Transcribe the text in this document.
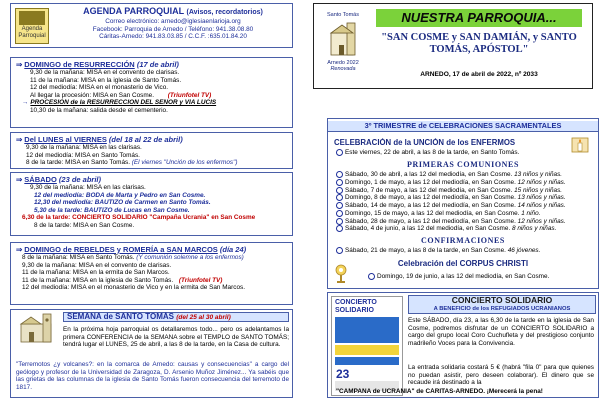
Agenda
Parroquial
AGENDA PARROQUIAL (Avisos, recordatorios)
Correo electrónico: arnedo@iglesiaenlarioja.org
Facebook: Parroquia de Arnedo / Teléfono: 941.38.08.80
Cáritas-Arnedo: 941.83.03.85 / C.C.F. :635.01.84.20
⇒ DOMINGO de RESURRECCIÓN (17 de abril)
9,30 de la mañana: MISA en el convento de clarisas.
11 de la mañana: MISA en la iglesia de Santo Tomás.
12 del mediodía: MISA en el monasterio de Vico.
Al llegar la procesión: MISA en San Cosme. (Triunfotel TV)
→ PROCESIÓN de la RESURRECCIÓN DEL SEÑOR y VIA LUCIS
10,30 de la mañana: salida desde el cementerio.
⇒ Del LUNES al VIERNES (del 18 al 22 de abril)
9,30 de la mañana: MISA en las clarisas.
12 del mediodía: MISA en Santo Tomás.
8 de la tarde: MISA en Santo Tomás. (El viernes "Unción de los enfermos")
⇒ SÁBADO (23 de abril)
9,30 de la mañana: MISA en las clarisas.
12 del mediodía: BODA de Marta y Pedro en San Cosme.
12,30 del mediodía: BAUTIZO de Carmen en Santo Tomás.
5,30 de la tarde: BAUTIZO de Lucas en San Cosme.
6,30 de la tarde: CONCIERTO SOLIDARIO "Campaña Ucrania" en San Cosme
8 de la tarde: MISA en San Cosme.
⇒ DOMINGO de REBELDES y ROMERÍA a SAN MARCOS (día 24)
8 de la mañana: MISA en Santo Tomás. (Y comunión solemne a los enfermos)
9,30 de la mañana: MISA en el convento de clarisas.
11 de la mañana: MISA en la ermita de San Marcos.
11 de la mañana: MISA en la iglesia de Santo Tomás. (Triunfotel TV)
12 del mediodía: MISA en el monasterio de Vico y en la ermita de San Marcos.
SEMANA de SANTO TOMÁS (del 25 al 30 abril)
En la próxima hoja parroquial os detallaremos todo... pero os adelantamos la primera CONFERENCIA de la SEMANA sobre el TEMPLO de SANTO TOMÁS; tendrá lugar el LUNES, 25 de abril, a las 8 de la tarde, en la Casa de cultura.
"Terremotos ¿y volcanes?: en la comarca de Arnedo: causas y consecuencias" a cargo del geólogo y profesor de la Universidad de Zaragoza, D. Arsenio Muñoz Jiménez... Ya sabéis que las grietas de las columnas de la iglesia de Santo Tomás fueron consecuencia del terremoto de 1817.
Santo Tomás
Arnedo 2022
Renovada
NUESTRA PARROQUIA...
"SAN COSME y SAN DAMIÁN, y SANTO TOMÁS, APÓSTOL"
ARNEDO, 17 de abril de 2022, nº 2033
3º TRIMESTRE de CELEBRACIONES SACRAMENTALES
CELEBRACIÓN de la UNCIÓN de los ENFERMOS
Este viernes, 22 de abril, a las 8 de la tarde, en Santo Tomás.
PRIMERAS COMUNIONES
Sábado, 30 de abril, a las 12 del mediodía, en San Cosme. 13 niños y niñas.
Domingo, 1 de mayo, a las 12 del mediodía, en San Cosme. 12 niños y niñas.
Sábado, 7 de mayo, a las 12 del mediodía, en San Cosme. 15 niños y niñas.
Domingo, 8 de mayo, a las 12 del mediodía, en San Cosme. 13 niños y niñas.
Sábado, 14 de mayo, a las 12 del mediodía, en San Cosme. 14 niños y niñas.
Domingo, 15 de mayo, a las 12 del mediodía, en San Cosme. 1 niño.
Sábado, 28 de mayo, a las 12 del mediodía, en San Cosme. 12 niños y niñas.
Sábado, 4 de junio, a las 12 del mediodía, en San Cosme. 8 niños y niñas.
CONFIRMACIONES
Sábado, 21 de mayo, a las 8 de la tarde, en San Cosme. 46 jóvenes.
Celebración del CORPUS CHRISTI
Domingo, 19 de junio, a las 12 del mediodía, en San Cosme.
CONCIERTO
SOLIDARIO
23
CONCIERTO SOLIDARIO
A BENEFICIO de los REFUGIADOS UCRANIANOS
Este SÁBADO, día 23, a las 6,30 de la tarde en la iglesia de San Cosme, podremos disfrutar de un CONCIERTO SOLIDARIO a cargo del grupo local Coro Cuchufleta y del prestigioso conjunto madrileño Voces para la Convivencia.
La entrada solidaria costará 5 € (habrá "fila 0" para que quienes no puedan asistir, pero deseen colaborar). El dinero que se recaude irá destinado a la
"CAMPAÑA de UCRANIA" de CÁRITAS-ARNEDO. ¡Merecerá la pena!
